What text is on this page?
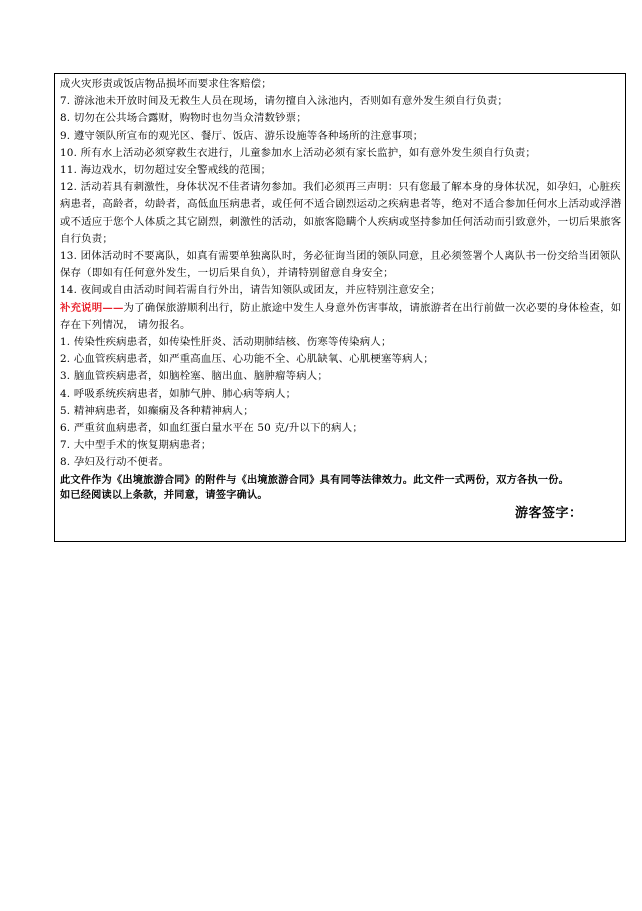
成火灾形责或饭店物品损坏而要求住客赔偿；

7. 游泳池未开放时间及无救生人员在现场，请勿擅自入泳池内，否则如有意外发生须自行负责；

8. 切勿在公共场合露财，购物时也勿当众清数钞票；

9. 遵守领队所宣布的观光区、餐厅、饭店、游乐设施等各种场所的注意事项；

10. 所有水上活动必须穿救生衣进行，儿童参加水上活动必须有家长监护，如有意外发生须自行负责；

11. 海边戏水，切勿超过安全警戒线的范围；

12. 活动若具有刺激性，身体状况不佳者请勿参加。我们必须再三声明：只有您最了解本身的身体状况，如孕妇，心脏疾病患者，高龄者，幼龄者，高低血压病患者，或任何不适合剧烈运动之疾病患者等，绝对不适合参加任何水上活动或浮潜或不适应于您个人体质之其它剧烈，刺激性的活动，如旅客隐瞒个人疾病或坚持参加任何活动而引致意外，一切后果旅客自行负责；

13. 团体活动时不要离队，如真有需要单独离队时，务必征询当团的领队同意，且必须签署个人离队书一份交给当团领队保存（即如有任何意外发生，一切后果自负），并请特别留意自身安全；

14. 夜间或自由活动时间若需自行外出，请告知领队或团友，并应特别注意安全；

补充说明——为了确保旅游顺利出行，防止旅途中发生人身意外伤害事故，请旅游者在出行前做一次必要的身体检查，如存在下列情况， 请勿报名。

1. 传染性疾病患者，如传染性肝炎、活动期肺结核、伤寒等传染病人；

2. 心血管疾病患者，如严重高血压、心功能不全、心肌缺氧、心肌梗塞等病人；

3. 脑血管疾病患者，如脑栓塞、脑出血、脑肿瘤等病人；

4. 呼吸系统疾病患者，如肺气肿、肺心病等病人；

5. 精神病患者，如癫痫及各种精神病人；

6. 严重贫血病患者，如血红蛋白量水平在 50 克/升以下的病人；

7. 大中型手术的恢复期病患者；

8. 孕妇及行动不便者。

此文件作为《出境旅游合同》的附件与《出境旅游合同》具有同等法律效力。此文件一式两份，双方各执一份。

如已经阅读以上条款，并同意，请签字确认。

游客签字：
